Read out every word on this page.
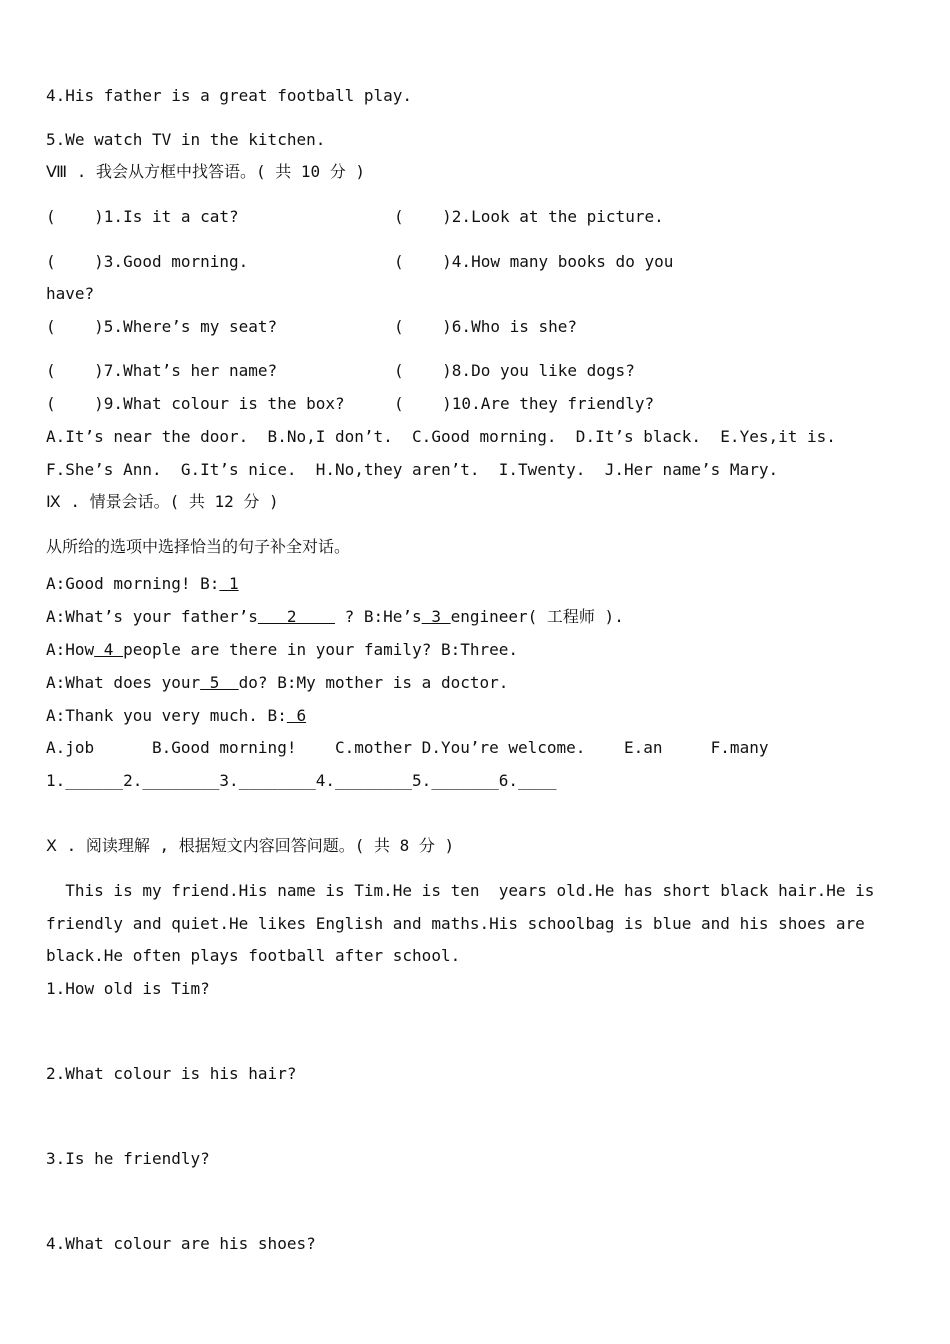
4.His father is a great football play.
5.We watch TV in the kitchen.
Ⅷ . 我会从方框中找答语。( 共 10 分 )
(    )1.Is it a cat?	(    )2.Look at the picture.
(    )3.Good morning.	(    )4.How many books do you
have?
(    )5.Where’s my seat?	(    )6.Who is she?
(    )7.What’s her name?	(    )8.Do you like dogs?
(    )9.What colour is the box?	(    )10.Are they friendly?
A.It’s near the door.  B.No,I don’t.  C.Good morning.  D.It’s black.  E.Yes,it is.
F.She’s Ann.  G.It’s nice.  H.No,they aren’t.  I.Twenty.  J.Her name’s Mary.
Ⅸ . 情景会话。( 共 12 分 )
从所给的选项中选择恰当的句子补全对话。
A:Good morning! B: 1
A:What’s your father’s   2     ? B:He’s 3 engineer( 工程师 ).
A:How 4 people are there in your family? B:Three.
A:What does your 5  do? B:My mother is a doctor.
A:Thank you very much. B: 6
A.job      B.Good morning!    C.mother D.You’re welcome.    E.an     F.many
1.______2.________3.________4.________5._______6.____
Ⅹ . 阅读理解 , 根据短文内容回答问题。( 共 8 分 )
This is my friend.His name is Tim.He is ten  years old.He has short black hair.He is
friendly and quiet.He likes English and maths.His schoolbag is blue and his shoes are
black.He often plays football after school.
1.How old is Tim?
2.What colour is his hair?
3.Is he friendly?
4.What colour are his shoes?
